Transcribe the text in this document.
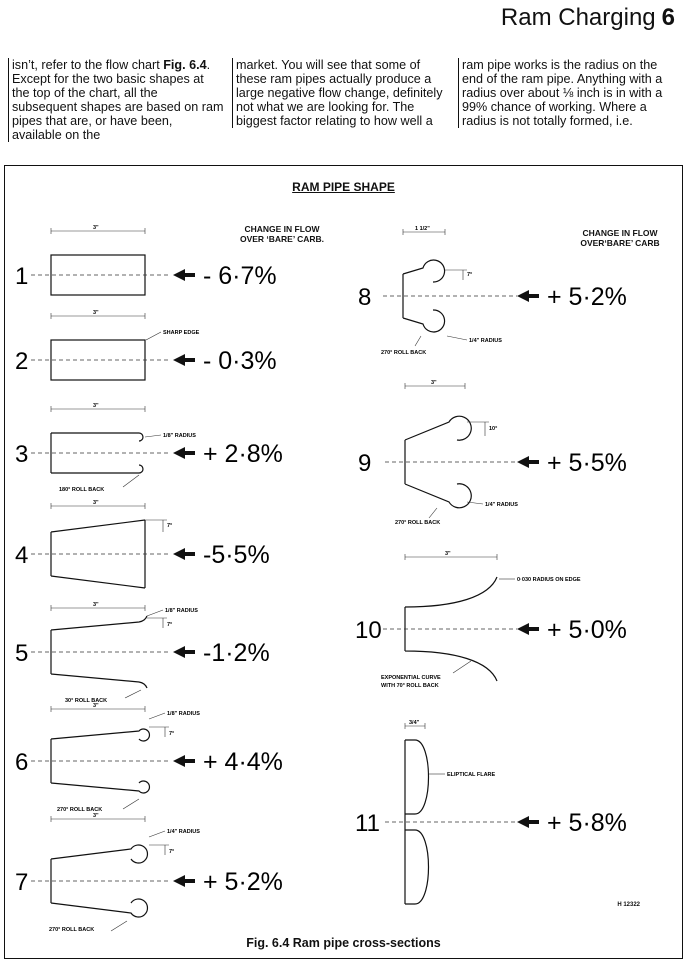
Ram Charging 6
isn’t, refer to the flow chart Fig. 6.4. Except for the two basic shapes at the top of the chart, all the subsequent shapes are based on ram pipes that are, or have been, available on the
market. You will see that some of these ram pipes actually produce a large negative flow change, definitely not what we are looking for. The biggest factor relating to how well a
ram pipe works is the radius on the end of the ram pipe. Anything with a radius over about ⅛ inch is in with a 99% chance of working. Where a radius is not totally formed, i.e.
RAM PIPE SHAPE
CHANGE IN FLOW
OVER ‘BARE’ CARB.
CHANGE IN FLOW
OVER‘BARE’ CARB
1	- 6·7%
2	- 0·3%
3	+ 2·8%
4	-5·5%
5	-1·2%
6	+ 4·4%
7	+ 5·2%
8	+ 5·2%
9	+ 5·5%
10	+ 5·0%
11	+ 5·8%
3"
3"
SHARP EDGE
3"
1/8" RADIUS
180° ROLL BACK
3"
7°
3"
1/8" RADIUS
7°
30° ROLL BACK
3"
1/8" RADIUS
7°
270° ROLL BACK
3"
1/4" RADIUS
7°
270° ROLL BACK
1 1/2"
7°
1/4" RADIUS
270° ROLL BACK
3"
10°
1/4" RADIUS
270° ROLL BACK
3"
0·030 RADIUS ON EDGE
EXPONENTIAL CURVE
WITH 70° ROLL BACK
3/4"
ELIPTICAL FLARE
H 12322
Fig. 6.4 Ram pipe cross-sections
